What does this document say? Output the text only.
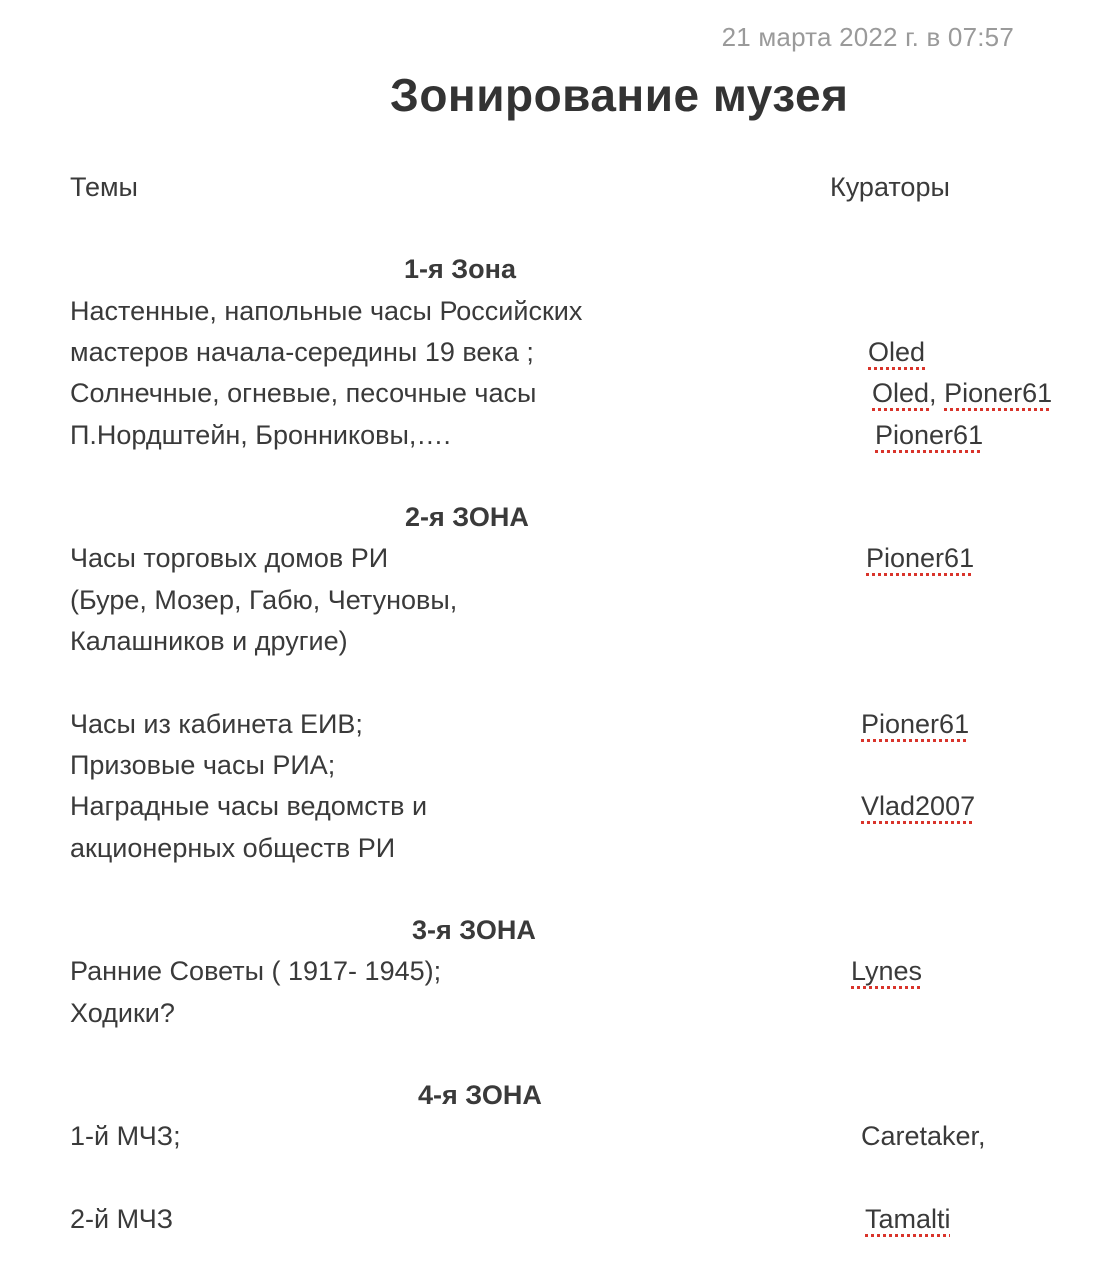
21 марта 2022 г. в 07:57
Зонирование музея
Темы	Кураторы
1-я Зона
Настенные, напольные часы Российских
мастеров начала-середины 19 века ;
Солнечные, огневые, песочные часы
П.Нордштейн, Бронниковы,….
Oled
Oled, Pioner61
Pioner61
2-я ЗОНА
Часы торговых домов РИ
(Буре, Мозер, Габю, Четуновы,
Калашников и другие)
Часы из кабинета ЕИВ;
Призовые часы РИА;
Наградные часы ведомств и
акционерных обществ РИ
Pioner61
Pioner61
Vlad2007
3-я ЗОНА
Ранние Советы ( 1917- 1945);
Ходики?
Lynes
4-я ЗОНА
1-й МЧЗ;
2-й МЧЗ
Caretaker,
Tamalti
